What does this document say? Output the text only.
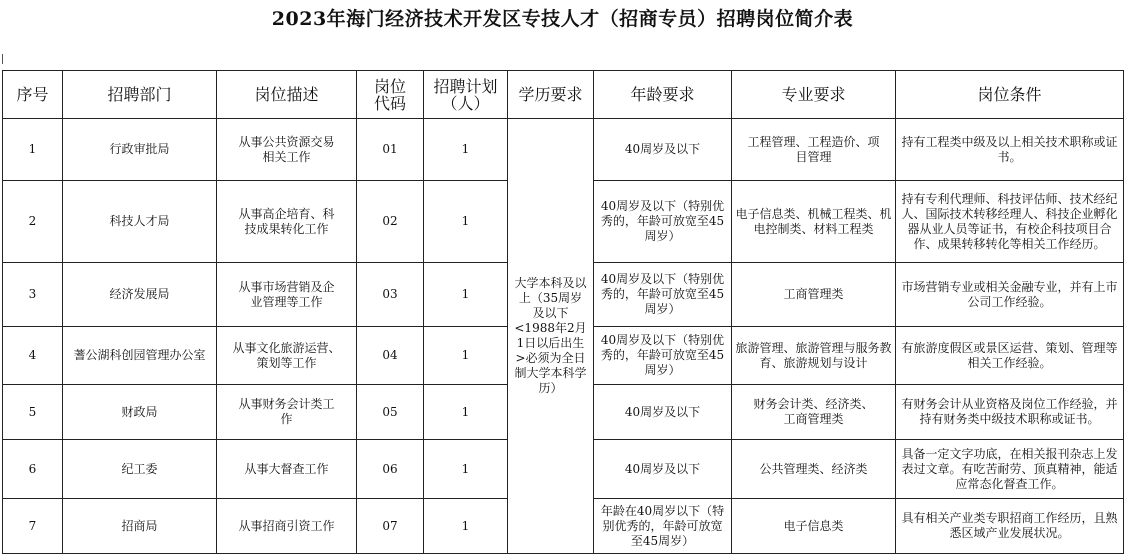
2023年海门经济技术开发区专技人才（招商专员）招聘岗位简介表
序号	招聘部门	岗位描述	岗位代码	招聘计划（人）	学历要求	年龄要求	专业要求	岗位条件
1	行政审批局	从事公共资源交易相关工作	01	1	大学本科及以上（35周岁及以下<1988年2月1日以后出生>必须为全日制大学本科学历）	40周岁及以下	工程管理、工程造价、项目管理	持有工程类中级及以上相关技术职称或证书。
2	科技人才局	从事高企培育、科技成果转化工作	02	1		40周岁及以下（特别优秀的，年龄可放宽至45周岁）	电子信息类、机械工程类、机电控制类、材料工程类	持有专利代理师、科技评估师、技术经纪人、国际技术转移经理人、科技企业孵化器从业人员等证书，有校企科技项目合作、成果转移转化等相关工作经历。
3	经济发展局	从事市场营销及企业管理等工作	03	1		40周岁及以下（特别优秀的，年龄可放宽至45周岁）	工商管理类	市场营销专业或相关金融专业，并有上市公司工作经验。
4	蓍公湖科创园管理办公室	从事文化旅游运营、策划等工作	04	1		40周岁及以下（特别优秀的，年龄可放宽至45周岁）	旅游管理、旅游管理与服务教育、旅游规划与设计	有旅游度假区或景区运营、策划、管理等相关工作经验。
5	财政局	从事财务会计类工作	05	1		40周岁及以下	财务会计类、经济类、工商管理类	有财务会计从业资格及岗位工作经验，并持有财务类中级技术职称或证书。
6	纪工委	从事大督查工作	06	1		40周岁及以下	公共管理类、经济类	具备一定文字功底，在相关报刊杂志上发表过文章。有吃苦耐劳、顶真精神，能适应常态化督查工作。
7	招商局	从事招商引资工作	07	1		年龄在40周岁以下（特别优秀的，年龄可放宽至45周岁）	电子信息类	具有相关产业类专职招商工作经历，且熟悉区域产业发展状况。
